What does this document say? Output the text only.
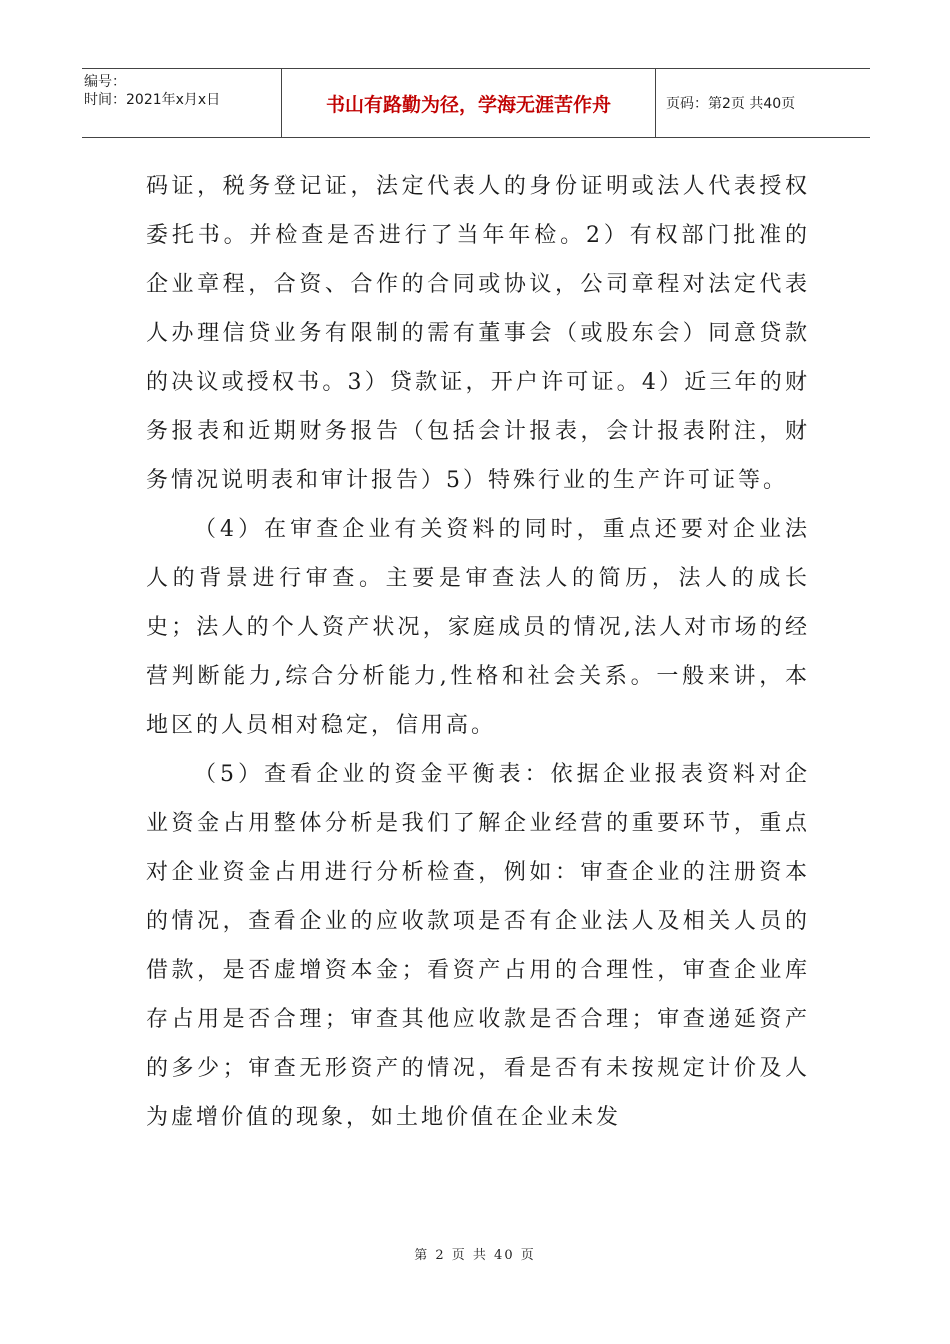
编号：
时间：2021年x月x日	书山有路勤为径，学海无涯苦作舟	页码：第2页 共40页

码证，税务登记证，法定代表人的身份证明或法人代表授权委托书。并检查是否进行了当年年检。2）有权部门批准的企业章程，合资、合作的合同或协议，公司章程对法定代表人办理信贷业务有限制的需有董事会（或股东会）同意贷款的决议或授权书。3）贷款证，开户许可证。4）近三年的财务报表和近期财务报告（包括会计报表，会计报表附注，财务情况说明表和审计报告）5）特殊行业的生产许可证等。

（4）在审查企业有关资料的同时，重点还要对企业法人的背景进行审查。主要是审查法人的简历，法人的成长史；法人的个人资产状况，家庭成员的情况,法人对市场的经营判断能力,综合分析能力,性格和社会关系。一般来讲，本地区的人员相对稳定，信用高。

（5）查看企业的资金平衡表：依据企业报表资料对企业资金占用整体分析是我们了解企业经营的重要环节，重点对企业资金占用进行分析检查，例如：审查企业的注册资本的情况，查看企业的应收款项是否有企业法人及相关人员的借款，是否虚增资本金；看资产占用的合理性，审查企业库存占用是否合理；审查其他应收款是否合理；审查递延资产的多少；审查无形资产的情况，看是否有未按规定计价及人为虚增价值的现象，如土地价值在企业未发

第 2 页 共 40 页
